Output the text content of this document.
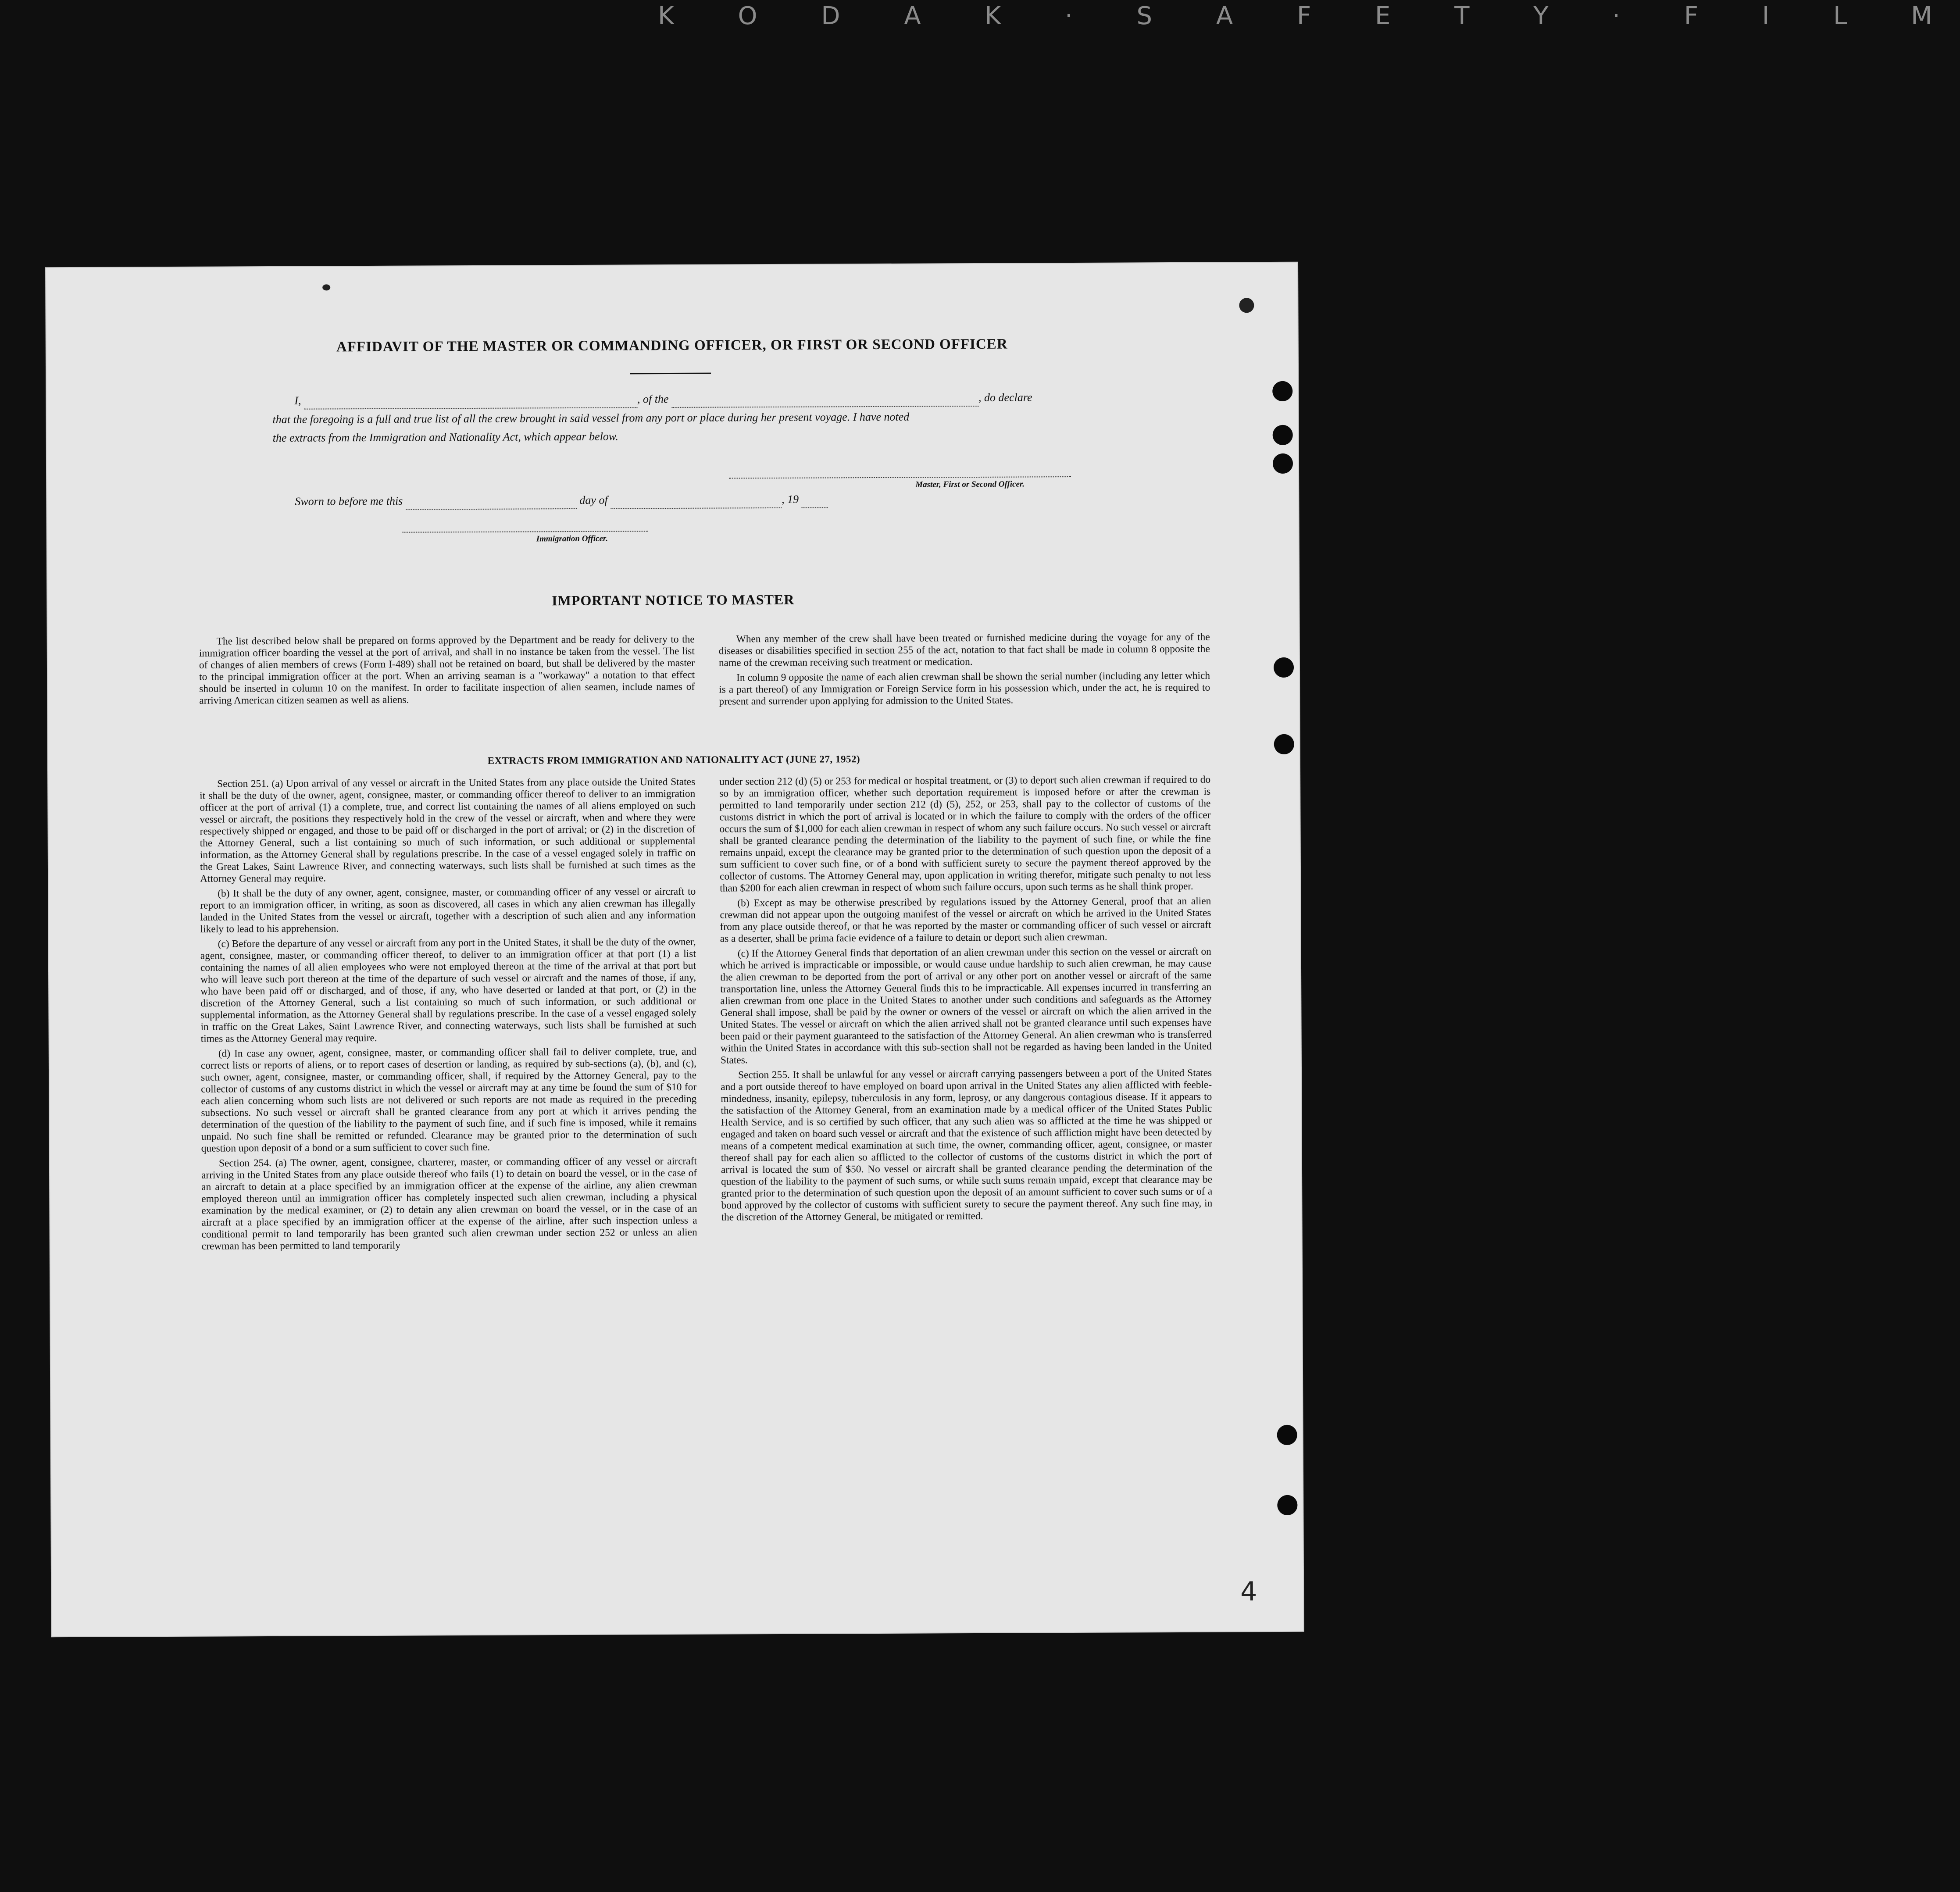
K O D A K · S A F E T Y · F I L M
AFFIDAVIT OF THE MASTER OR COMMANDING OFFICER, OR FIRST OR SECOND OFFICER
I,	, of the	, do declare
that the foregoing is a full and true list of all the crew brought in said vessel from any port or place during her present voyage. I have noted
the extracts from the Immigration and Nationality Act, which appear below.
Master, First or Second Officer.
Sworn to before me this	day of	, 19
Immigration Officer.
IMPORTANT NOTICE TO MASTER

The list described below shall be prepared on forms approved by the Department and be ready for delivery to the immigration officer boarding the vessel at the port of arrival, and shall in no instance be taken from the vessel. The list of changes of alien members of crews (Form I-489) shall not be retained on board, but shall be delivered by the master to the principal immigration officer at the port. When an arriving seaman is a "workaway" a notation to that effect should be inserted in column 10 on the manifest. In order to facilitate inspection of alien seamen, include names of arriving American citizen seamen as well as aliens.

When any member of the crew shall have been treated or furnished medicine during the voyage for any of the diseases or disabilities specified in section 255 of the act, notation to that fact shall be made in column 8 opposite the name of the crewman receiving such treatment or medication.

In column 9 opposite the name of each alien crewman shall be shown the serial number (including any letter which is a part thereof) of any Immigration or Foreign Service form in his possession which, under the act, he is required to present and surrender upon applying for admission to the United States.

EXTRACTS FROM IMMIGRATION AND NATIONALITY ACT (JUNE 27, 1952)

Section 251. (a) Upon arrival of any vessel or aircraft in the United States from any place outside the United States it shall be the duty of the owner, agent, consignee, master, or commanding officer thereof to deliver to an immigration officer at the port of arrival (1) a complete, true, and correct list containing the names of all aliens employed on such vessel or aircraft, the positions they respectively hold in the crew of the vessel or aircraft, when and where they were respectively shipped or engaged, and those to be paid off or discharged in the port of arrival; or (2) in the discretion of the Attorney General, such a list containing so much of such information, or such additional or supplemental information, as the Attorney General shall by regulations prescribe. In the case of a vessel engaged solely in traffic on the Great Lakes, Saint Lawrence River, and connecting waterways, such lists shall be furnished at such times as the Attorney General may require.

(b) It shall be the duty of any owner, agent, consignee, master, or commanding officer of any vessel or aircraft to report to an immigration officer, in writing, as soon as discovered, all cases in which any alien crewman has illegally landed in the United States from the vessel or aircraft, together with a description of such alien and any information likely to lead to his apprehension.

(c) Before the departure of any vessel or aircraft from any port in the United States, it shall be the duty of the owner, agent, consignee, master, or commanding officer thereof, to deliver to an immigration officer at that port (1) a list containing the names of all alien employees who were not employed thereon at the time of the arrival at that port but who will leave such port thereon at the time of the departure of such vessel or aircraft and the names of those, if any, who have been paid off or discharged, and of those, if any, who have deserted or landed at that port, or (2) in the discretion of the Attorney General, such a list containing so much of such information, or such additional or supplemental information, as the Attorney General shall by regulations prescribe. In the case of a vessel engaged solely in traffic on the Great Lakes, Saint Lawrence River, and connecting waterways, such lists shall be furnished at such times as the Attorney General may require.

(d) In case any owner, agent, consignee, master, or commanding officer shall fail to deliver complete, true, and correct lists or reports of aliens, or to report cases of desertion or landing, as required by sub-sections (a), (b), and (c), such owner, agent, consignee, master, or commanding officer, shall, if required by the Attorney General, pay to the collector of customs of any customs district in which the vessel or aircraft may at any time be found the sum of $10 for each alien concerning whom such lists are not delivered or such reports are not made as required in the preceding subsections. No such vessel or aircraft shall be granted clearance from any port at which it arrives pending the determination of the question of the liability to the payment of such fine, and if such fine is imposed, while it remains unpaid. No such fine shall be remitted or refunded. Clearance may be granted prior to the determination of such question upon deposit of a bond or a sum sufficient to cover such fine.

Section 254. (a) The owner, agent, consignee, charterer, master, or commanding officer of any vessel or aircraft arriving in the United States from any place outside thereof who fails (1) to detain on board the vessel, or in the case of an aircraft to detain at a place specified by an immigration officer at the expense of the airline, any alien crewman employed thereon until an immigration officer has completely inspected such alien crewman, including a physical examination by the medical examiner, or (2) to detain any alien crewman on board the vessel, or in the case of an aircraft at a place specified by an immigration officer at the expense of the airline, after such inspection unless a conditional permit to land temporarily has been granted such alien crewman under section 252 or unless an alien crewman has been permitted to land temporarily

under section 212 (d) (5) or 253 for medical or hospital treatment, or (3) to deport such alien crewman if required to do so by an immigration officer, whether such deportation requirement is imposed before or after the crewman is permitted to land temporarily under section 212 (d) (5), 252, or 253, shall pay to the collector of customs of the customs district in which the port of arrival is located or in which the failure to comply with the orders of the officer occurs the sum of $1,000 for each alien crewman in respect of whom any such failure occurs. No such vessel or aircraft shall be granted clearance pending the determination of the liability to the payment of such fine, or while the fine remains unpaid, except the clearance may be granted prior to the determination of such question upon the deposit of a sum sufficient to cover such fine, or of a bond with sufficient surety to secure the payment thereof approved by the collector of customs. The Attorney General may, upon application in writing therefor, mitigate such penalty to not less than $200 for each alien crewman in respect of whom such failure occurs, upon such terms as he shall think proper.

(b) Except as may be otherwise prescribed by regulations issued by the Attorney General, proof that an alien crewman did not appear upon the outgoing manifest of the vessel or aircraft on which he arrived in the United States from any place outside thereof, or that he was reported by the master or commanding officer of such vessel or aircraft as a deserter, shall be prima facie evidence of a failure to detain or deport such alien crewman.

(c) If the Attorney General finds that deportation of an alien crewman under this section on the vessel or aircraft on which he arrived is impracticable or impossible, or would cause undue hardship to such alien crewman, he may cause the alien crewman to be deported from the port of arrival or any other port on another vessel or aircraft of the same transportation line, unless the Attorney General finds this to be impracticable. All expenses incurred in transferring an alien crewman from one place in the United States to another under such conditions and safeguards as the Attorney General shall impose, shall be paid by the owner or owners of the vessel or aircraft on which the alien arrived in the United States. The vessel or aircraft on which the alien arrived shall not be granted clearance until such expenses have been paid or their payment guaranteed to the satisfaction of the Attorney General. An alien crewman who is transferred within the United States in accordance with this sub-section shall not be regarded as having been landed in the United States.

Section 255. It shall be unlawful for any vessel or aircraft carrying passengers between a port of the United States and a port outside thereof to have employed on board upon arrival in the United States any alien afflicted with feeble-mindedness, insanity, epilepsy, tuberculosis in any form, leprosy, or any dangerous contagious disease. If it appears to the satisfaction of the Attorney General, from an examination made by a medical officer of the United States Public Health Service, and is so certified by such officer, that any such alien was so afflicted at the time he was shipped or engaged and taken on board such vessel or aircraft and that the existence of such affliction might have been detected by means of a competent medical examination at such time, the owner, commanding officer, agent, consignee, or master thereof shall pay for each alien so afflicted to the collector of customs of the customs district in which the port of arrival is located the sum of $50. No vessel or aircraft shall be granted clearance pending the determination of the question of the liability to the payment of such sums, or while such sums remain unpaid, except that clearance may be granted prior to the determination of such question upon the deposit of an amount sufficient to cover such sums or of a bond approved by the collector of customs with sufficient surety to secure the payment thereof. Any such fine may, in the discretion of the Attorney General, be mitigated or remitted.

4
